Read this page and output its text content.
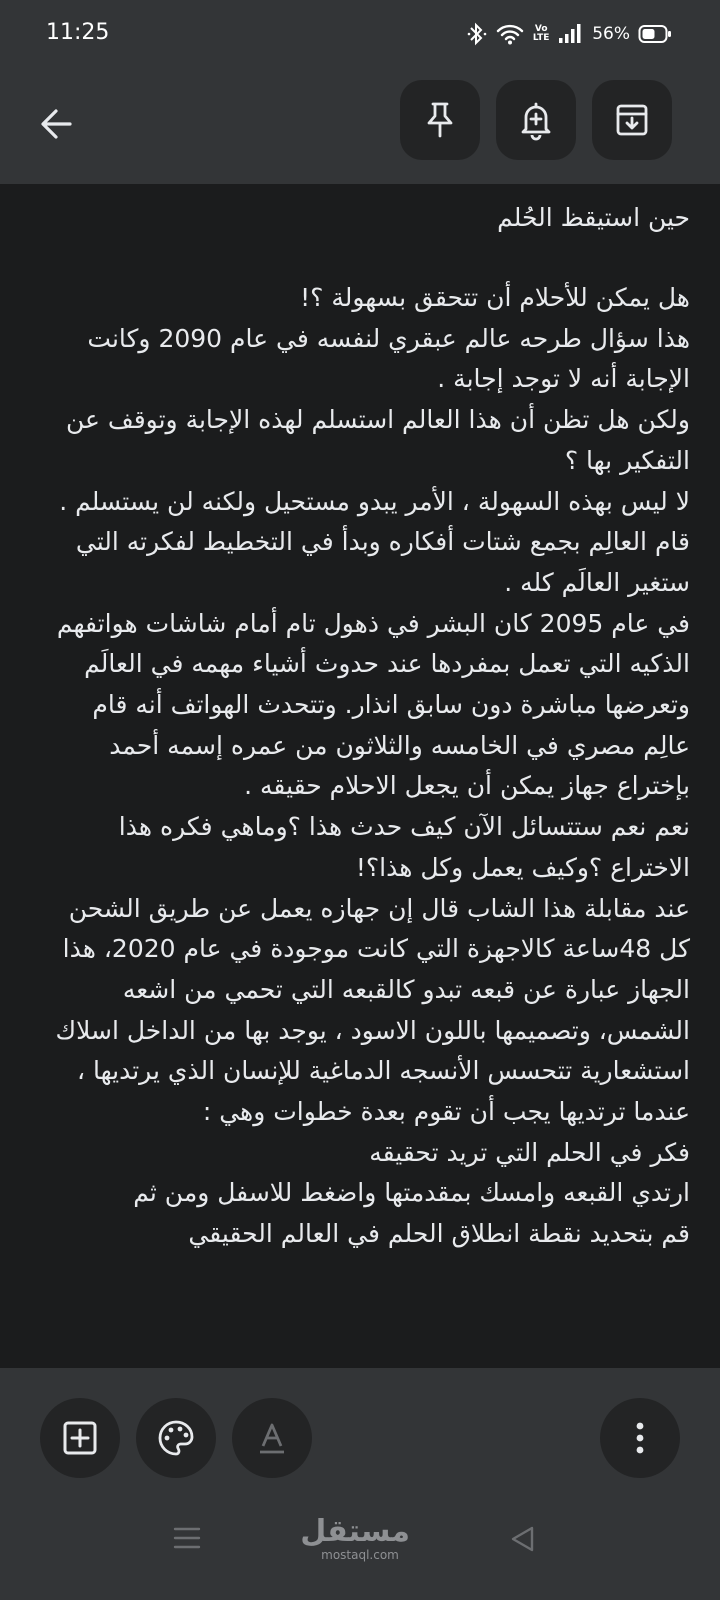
11:25	Vo LTE	56%
حين استيقظ الحُلم

هل يمكن للأحلام أن تتحقق بسهولة ؟!

هذا سؤال طرحه عالم عبقري لنفسه في عام 2090 وكانت الإجابة أنه لا توجد إجابة .

ولكن هل تظن أن هذا العالم استسلم لهذه الإجابة وتوقف عن التفكير بها ؟

لا ليس بهذه السهولة ، الأمر يبدو مستحيل ولكنه لن يستسلم . قام العالِم بجمع شتات أفكاره وبدأ في التخطيط لفكرته التي ستغير العالَم كله .

في عام 2095 كان البشر في ذهول تام أمام شاشات هواتفهم الذكيه التي تعمل بمفردها عند حدوث أشياء مهمه في العالَم وتعرضها مباشرة دون سابق انذار. وتتحدث الهواتف أنه قام عالِم مصري في الخامسه والثلاثون من عمره إسمه أحمد بإختراع جهاز يمكن أن يجعل الاحلام حقيقه .

نعم نعم ستتسائل الآن كيف حدث هذا ؟وماهي فكره هذا الاختراع ؟وكيف يعمل وكل هذا؟!

عند مقابلة هذا الشاب قال إن جهازه يعمل عن طريق الشحن كل 48ساعة كالاجهزة التي كانت موجودة في عام 2020، هذا الجهاز عبارة عن قبعه تبدو كالقبعه التي تحمي من اشعه الشمس، وتصميمها باللون الاسود ، يوجد بها من الداخل اسلاك استشعارية تتحسس الأنسجه الدماغية للإنسان الذي يرتديها ، عندما ترتديها يجب أن تقوم بعدة خطوات وهي :

فكر في الحلم التي تريد تحقيقه

ارتدي القبعه وامسك بمقدمتها واضغط للاسفل ومن ثم

قم بتحديد نقطة انطلاق الحلم في العالم الحقيقي

مستقل
mostaql.com
